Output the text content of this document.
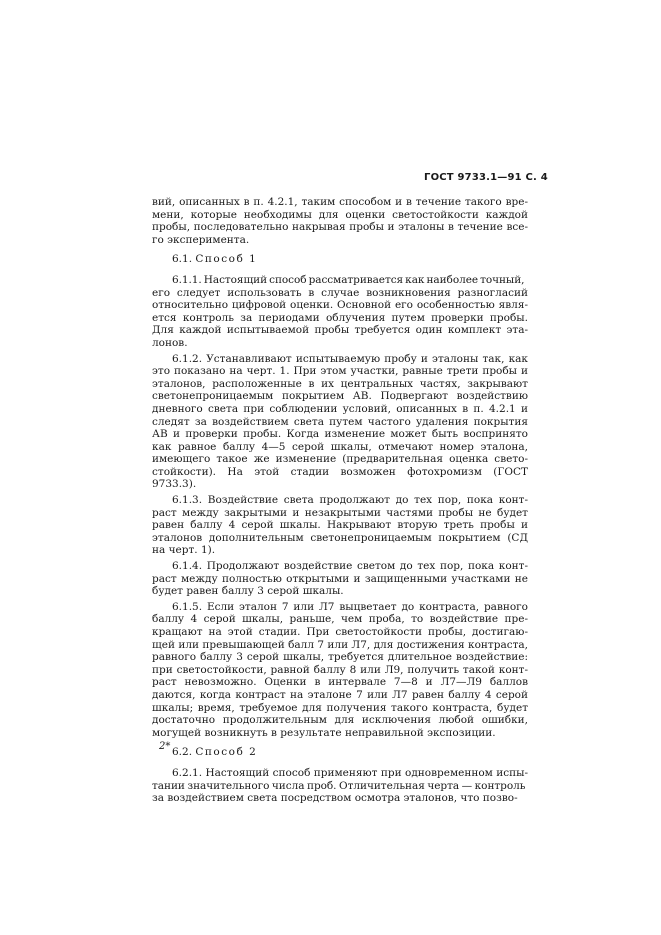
ГОСТ 9733.1—91 С. 4
вий, описанных в п. 4.2.1, таким способом и в течение такого вре-
мени, которые необходимы для оценки светостойкости каждой
пробы, последовательно накрывая пробы и эталоны в течение все-
го эксперимента.
6.1. Способ 1
6.1.1. Настоящий способ рассматривается как наиболее точный,
его следует использовать в случае возникновения разногласий
относительно цифровой оценки. Основной его особенностью явля-
ется контроль за периодами облучения путем проверки пробы.
Для каждой испытываемой пробы требуется один комплект эта-
лонов.
6.1.2. Устанавливают испытываемую пробу и эталоны так, как
это показано на черт. 1. При этом участки, равные трети пробы и
эталонов, расположенные в их центральных частях, закрывают
светонепроницаемым покрытием АВ. Подвергают воздействию
дневного света при соблюдении условий, описанных в п. 4.2.1 и
следят за воздействием света путем частого удаления покрытия
АВ и проверки пробы. Когда изменение может быть воспринято
как равное баллу 4—5 серой шкалы, отмечают номер эталона,
имеющего такое же изменение (предварительная оценка свето-
стойкости). На этой стадии возможен фотохромизм (ГОСТ
9733.3).
6.1.3. Воздействие света продолжают до тех пор, пока конт-
раст между закрытыми и незакрытыми частями пробы не будет
равен баллу 4 серой шкалы. Накрывают вторую треть пробы и
эталонов дополнительным светонепроницаемым покрытием (СД
на черт. 1).
6.1.4. Продолжают воздействие светом до тех пор, пока конт-
раст между полностью открытыми и защищенными участками не
будет равен баллу 3 серой шкалы.
6.1.5. Если эталон 7 или Л7 выцветает до контраста, равного
баллу 4 серой шкалы, раньше, чем проба, то воздействие пре-
кращают на этой стадии. При светостойкости пробы, достигаю-
щей или превышающей балл 7 или Л7, для достижения контраста,
равного баллу 3 серой шкалы, требуется длительное воздействие:
при светостойкости, равной баллу 8 или Л9, получить такой конт-
раст невозможно. Оценки в интервале 7—8 и Л7—Л9 баллов
даются, когда контраст на эталоне 7 или Л7 равен баллу 4 серой
шкалы; время, требуемое для получения такого контраста, будет
достаточно продолжительным для исключения любой ошибки,
могущей возникнуть в результате неправильной экспозиции.
6.2. Способ 2
6.2.1. Настоящий способ применяют при одновременном испы-
тании значительного числа проб. Отличительная черта — контроль
за воздействием света посредством осмотра эталонов, что позво-
2*
